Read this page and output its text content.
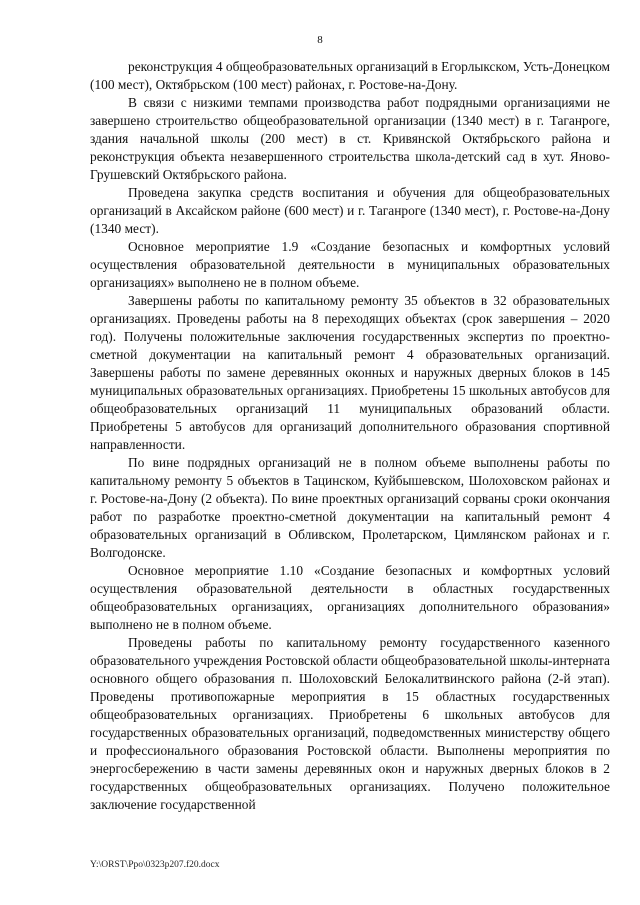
8

реконструкция 4 общеобразовательных организаций в Егорлыкском, Усть-Донецком (100 мест), Октябрьском (100 мест) районах, г. Ростове-на-Дону.

В связи с низкими темпами производства работ подрядными организациями не завершено строительство общеобразовательной организации (1340 мест) в г. Таганроге, здания начальной школы (200 мест) в ст. Кривянской Октябрьского района и реконструкция объекта незавершенного строительства школа-детский сад в хут. Яново-Грушевский Октябрьского района.

Проведена закупка средств воспитания и обучения для общеобразовательных организаций в Аксайском районе (600 мест) и г. Таганроге (1340 мест), г. Ростове-на-Дону (1340 мест).

Основное мероприятие 1.9 «Создание безопасных и комфортных условий осуществления образовательной деятельности в муниципальных образовательных организациях» выполнено не в полном объеме.

Завершены работы по капитальному ремонту 35 объектов в 32 образовательных организациях. Проведены работы на 8 переходящих объектах (срок завершения – 2020 год). Получены положительные заключения государственных экспертиз по проектно-сметной документации на капитальный ремонт 4 образовательных организаций. Завершены работы по замене деревянных оконных и наружных дверных блоков в 145 муниципальных образовательных организациях. Приобретены 15 школьных автобусов для общеобразовательных организаций 11 муниципальных образований области. Приобретены 5 автобусов для организаций дополнительного образования спортивной направленности.

По вине подрядных организаций не в полном объеме выполнены работы по капитальному ремонту 5 объектов в Тацинском, Куйбышевском, Шолоховском районах и г. Ростове-на-Дону (2 объекта). По вине проектных организаций сорваны сроки окончания работ по разработке проектно-сметной документации на капитальный ремонт 4 образовательных организаций в Обливском, Пролетарском, Цимлянском районах и г. Волгодонске.

Основное мероприятие 1.10 «Создание безопасных и комфортных условий осуществления образовательной деятельности в областных государственных общеобразовательных организациях, организациях дополнительного образования» выполнено не в полном объеме.

Проведены работы по капитальному ремонту государственного казенного образовательного учреждения Ростовской области общеобразовательной школы-интерната основного общего образования п. Шолоховский Белокалитвинского района (2-й этап). Проведены противопожарные мероприятия в 15 областных государственных общеобразовательных организациях. Приобретены 6 школьных автобусов для государственных образовательных организаций, подведомственных министерству общего и профессионального образования Ростовской области. Выполнены мероприятия по энергосбережению в части замены деревянных окон и наружных дверных блоков в 2 государственных общеобразовательных организациях. Получено положительное заключение государственной

Y:\ORST\Ppo\0323p207.f20.docx
